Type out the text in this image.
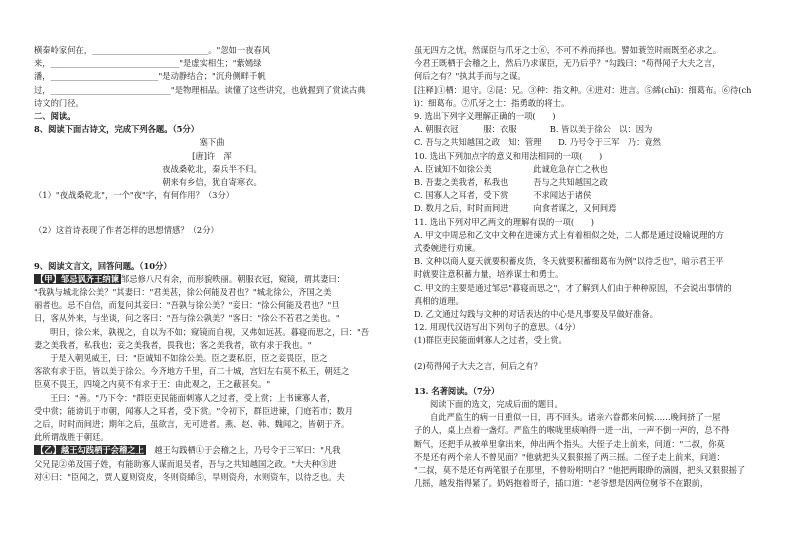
横秦岭家何在，____________________________。"忽如一夜春风
来，_______________________________"是虚实相生；"紫嫣绿
潘，__________________________"是动静结合；"沉舟侧畔千帆
过，_____________________________"是物理相品。读懂了这些讲究，也就握到了赏读古典
诗文的门径。
二、阅读。
8、阅读下面古诗文，完成下列各题。（5分）
塞下曲
[唐]许　浑
夜战桑乾北，秦兵半不归。
朝来有乡信，犹自寄寒衣。
（1）"夜战桑乾北"，一个"夜"字，有何作用？（3分）
（2）这首诗表现了作者怎样的思想情感？（2分）
9、阅读文言文，回答问题。（10分）
【甲】邹忌讽齐王纳谏 邹忌修八尺有余，而形貌昳丽。朝服衣冠，窥镜，谓其妻曰：
"我孰与城北徐公美？"其妻曰："君美甚，徐公何能及君也？"城北徐公，齐国之美
丽者也。忌不自信，而复问其妾曰："吾孰与徐公美？"妾曰："徐公何能及君也？"旦
日，客从外来，与坐谈，问之客曰："吾与徐公孰美？"客曰："徐公不若君之美也。"
明日，徐公来，孰视之，自以为不如；窥镜而自视，又弗如远甚。暮寝而思之，曰："吾
妻之美我者，私我也；妾之美我者，畏我也；客之美我者，欲有求于我也。"
于是入朝见威王，曰："臣诚知不如徐公美。臣之妻私臣，臣之妾畏臣，臣之
客欲有求于臣，皆以美于徐公。今齐地方千里，百二十城，宫妇左右莫不私王，朝廷之
臣莫不畏王，四境之内莫不有求于王：由此观之，王之蔽甚矣。"
王曰："善。"乃下令："群臣吏民能面刺寡人之过者，受上赏；上书谏寡人者，
受中赏；能谤讥于市朝，闻寡人之耳者，受下赏。"令初下，群臣进谏，门庭若市；数月
之后，时时而间进；期年之后，虽欲言，无可进者。燕、赵、韩、魏闻之，皆朝于齐。
此所谓战胜于朝廷。
【乙】越王勾践栖于会稽之上　 越王勾践栖①于会稽之上，乃号令于三军曰："凡我
父兄昆②弟及国子姓，有能助寡人谋而退吴者，吾与之共知越国之政。"大夫种③进
对④曰："臣闻之，贾人夏则资皮，冬则资絺⑤，旱则资舟，水则资车，以待乏也。夫
虽无四方之忧，然谋臣与爪牙之士⑥，不可不养而择也。譬如蓑笠时雨既至必求之。
今君王既栖于会稽之上，然后乃求谋臣，无乃后乎？"勾践曰："苟得闻子大夫之言，
何后之有？"执其手而与之谋。
[注释]①栖：退守。②昆：兄。③种：指文种。④进对：进言。⑤絺(chī)：细葛布。⑥待(ch
ì)：细葛布。⑦爪牙之士：指勇敢的将士。
9. 选出下列字义理解正确的一项(　　)
A. 朝服衣冠　　　服：衣服　　　　B. 皆以美于徐公　以：因为
C. 吾与之共知越国之政　知：管理　　D. 乃号令于三军　乃：竟然
10. 选出下列加点字的意义和用法相同的一项(　　)
A. 臣诚知不如徐公美　　　　　此诚危急存亡之秋也
B. 吾妻之美我者，私我也　　　吾与之共知越国之政
C. 国寡人之耳者，受下赏　　　不求闻达于诸侯
D. 数月之后，时时而间进　　　向食者谋之，又何间焉
11. 选出下列对甲乙两文的理解有误的一项(　　)
A. 甲文中周忌和乙文中文种在进谏方式上有着相似之处，二人都是通过设喻说理的方
式委婉进行劝谏。
B. 文种以商人夏天就要积蓄皮货，冬天就要积蓄细葛布为例"以待乏也"，暗示君王平
时就要注意积蓄力量，培养谋士和勇士。
C. 甲文的主要是通过邹忌"暮寝而思之"，才了解到人们由于种种原因，不会说出事情的
真相的道理。
D. 乙文通过勾践与文种的对话表达的中心是凡事要及早做好准备。
12. 用现代汉语写出下列句子的意思。（4分）
(1)群臣吏民能面刺寡人之过者，受上赏。
(2)苟得闻子大夫之言，何后之有？
13. 名著阅读。（7分）
阅读下面的选文，完成后面的题目。
自此严监生的病一日重似一日，再不回头。诸亲六眷都来问候……晚间挤了一屋
子的人，桌上点着一盏灯。严监生的喉咙里痰响得一进一出，一声不倒一声的，总不得
断气，还把手从被单里拿出来，伸出两个指头。大侄子走上前来，问道："二叔，你莫
不是还有两个亲人不曾见面？"他就把头又狠狠摇了两三摇。二侄子走上前来，问道：
"二叔，莫不是还有两笔银子在那里，不曾吩咐明白？"他把两眼睁的滴圆，把头又狠狠摇了
几摇，越发指得紧了。奶妈抱着哥子，插口道："老爷想是因两位舅爷不在跟前，
